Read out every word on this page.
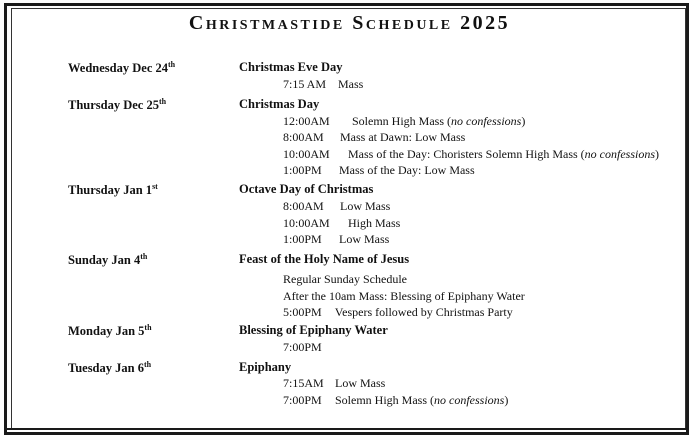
Christmastide Schedule 2025
Wednesday Dec 24th	Christmas Eve Day
7:15 AM Mass
Thursday Dec 25th	Christmas Day
12:00AM Solemn High Mass (no confessions)
8:00AM Mass at Dawn: Low Mass
10:00AM Mass of the Day: Choristers Solemn High Mass (no confessions)
1:00PM Mass of the Day: Low Mass
Thursday Jan 1st	Octave Day of Christmas
8:00AM Low Mass
10:00AM High Mass
1:00PM Low Mass
Sunday Jan 4th	Feast of the Holy Name of Jesus
Regular Sunday Schedule
After the 10am Mass: Blessing of Epiphany Water
5:00PM Vespers followed by Christmas Party
Monday Jan 5th	Blessing of Epiphany Water
7:00PM
Tuesday Jan 6th	Epiphany
7:15AM Low Mass
7:00PM Solemn High Mass (no confessions)
